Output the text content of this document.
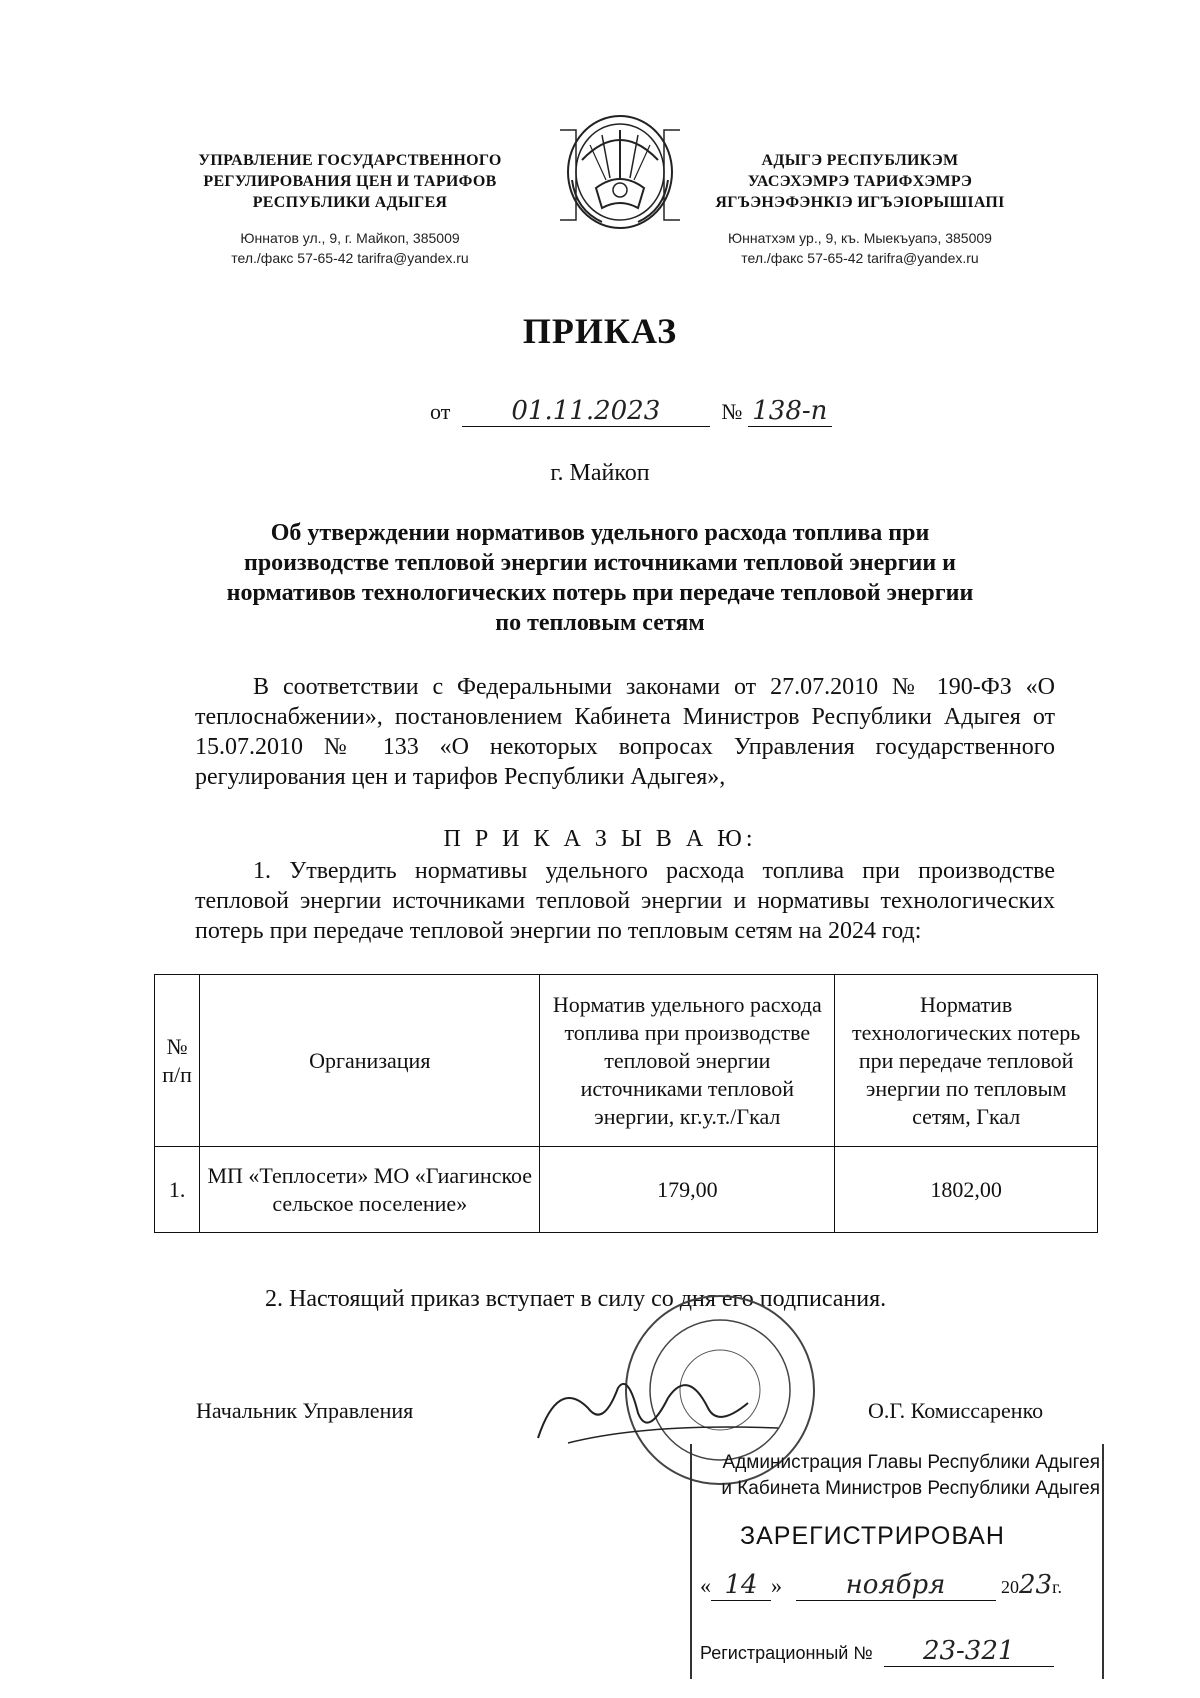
УПРАВЛЕНИЕ ГОСУДАРСТВЕННОГО
РЕГУЛИРОВАНИЯ ЦЕН И ТАРИФОВ
РЕСПУБЛИКИ АДЫГЕЯ
Юннатов ул., 9, г. Майкоп, 385009
тел./факс 57-65-42 tarifra@yandex.ru
АДЫГЭ РЕСПУБЛИКЭМ
УАСЭХЭМРЭ ТАРИФХЭМРЭ
ЯГЪЭНЭФЭНКIЭ ИГЪЭIОРЫШIАПI
Юннатхэм ур., 9, къ. Мыекъуапэ, 385009
тел./факс 57-65-42 tarifra@yandex.ru
ПРИКАЗ
от 01.11.2023	№ 138-п
г. Майкоп
Об утверждении нормативов удельного расхода топлива при
производстве тепловой энергии источниками тепловой энергии и
нормативов технологических потерь при передаче тепловой энергии
по тепловым сетям

В соответствии с Федеральными законами от 27.07.2010 № 190-ФЗ «О теплоснабжении», постановлением Кабинета Министров Республики Адыгея от 15.07.2010 № 133 «О некоторых вопросах Управления государственного регулирования цен и тарифов Республики Адыгея»,

П Р И К А З Ы В А Ю:

1. Утвердить нормативы удельного расхода топлива при производстве тепловой энергии источниками тепловой энергии и нормативы технологических потерь при передаче тепловой энергии по тепловым сетям на 2024 год:

№ п/п	Организация	Норматив удельного расхода топлива при производстве тепловой энергии источниками тепловой энергии, кг.у.т./Гкал	Норматив технологических потерь при передаче тепловой энергии по тепловым сетям, Гкал
1.	МП «Теплосети» МО «Гиагинское сельское поселение»	179,00	1802,00
2. Настоящий приказ вступает в силу со дня его подписания.
Начальник Управления	О.Г. Комиссаренко
Администрация Главы Республики Адыгея
и Кабинета Министров Республики Адыгея
ЗАРЕГИСТРИРОВАН
« 14 » ноября	2023г.
Регистрационный № 23-321
